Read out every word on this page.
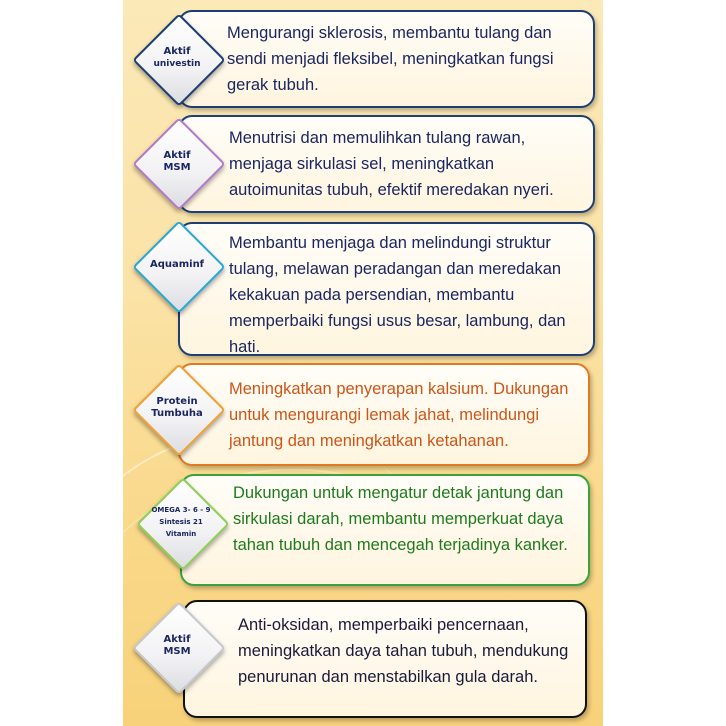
Mengurangi sklerosis, membantu tulang dan sendi menjadi fleksibel, meningkatkan fungsi gerak tubuh.

Aktif
univestin

Menutrisi dan memulihkan tulang rawan, menjaga sirkulasi sel, meningkatkan autoimunitas tubuh, efektif meredakan nyeri.

Aktif
MSM

Membantu menjaga dan melindungi struktur tulang, melawan peradangan dan meredakan kekakuan pada persendian, membantu memperbaiki fungsi usus besar, lambung, dan hati.

Aquaminf

Meningkatkan penyerapan kalsium. Dukungan untuk mengurangi lemak jahat, melindungi jantung dan meningkatkan ketahanan.

Protein
Tumbuha

Dukungan untuk mengatur detak jantung dan sirkulasi darah, membantu memperkuat daya tahan tubuh dan mencegah terjadinya kanker.

OMEGA 3- 6 - 9
Sintesis 21
Vitamin

Anti-oksidan, memperbaiki pencernaan, meningkatkan daya tahan tubuh, mendukung penurunan dan menstabilkan gula darah.

Aktif
MSM
